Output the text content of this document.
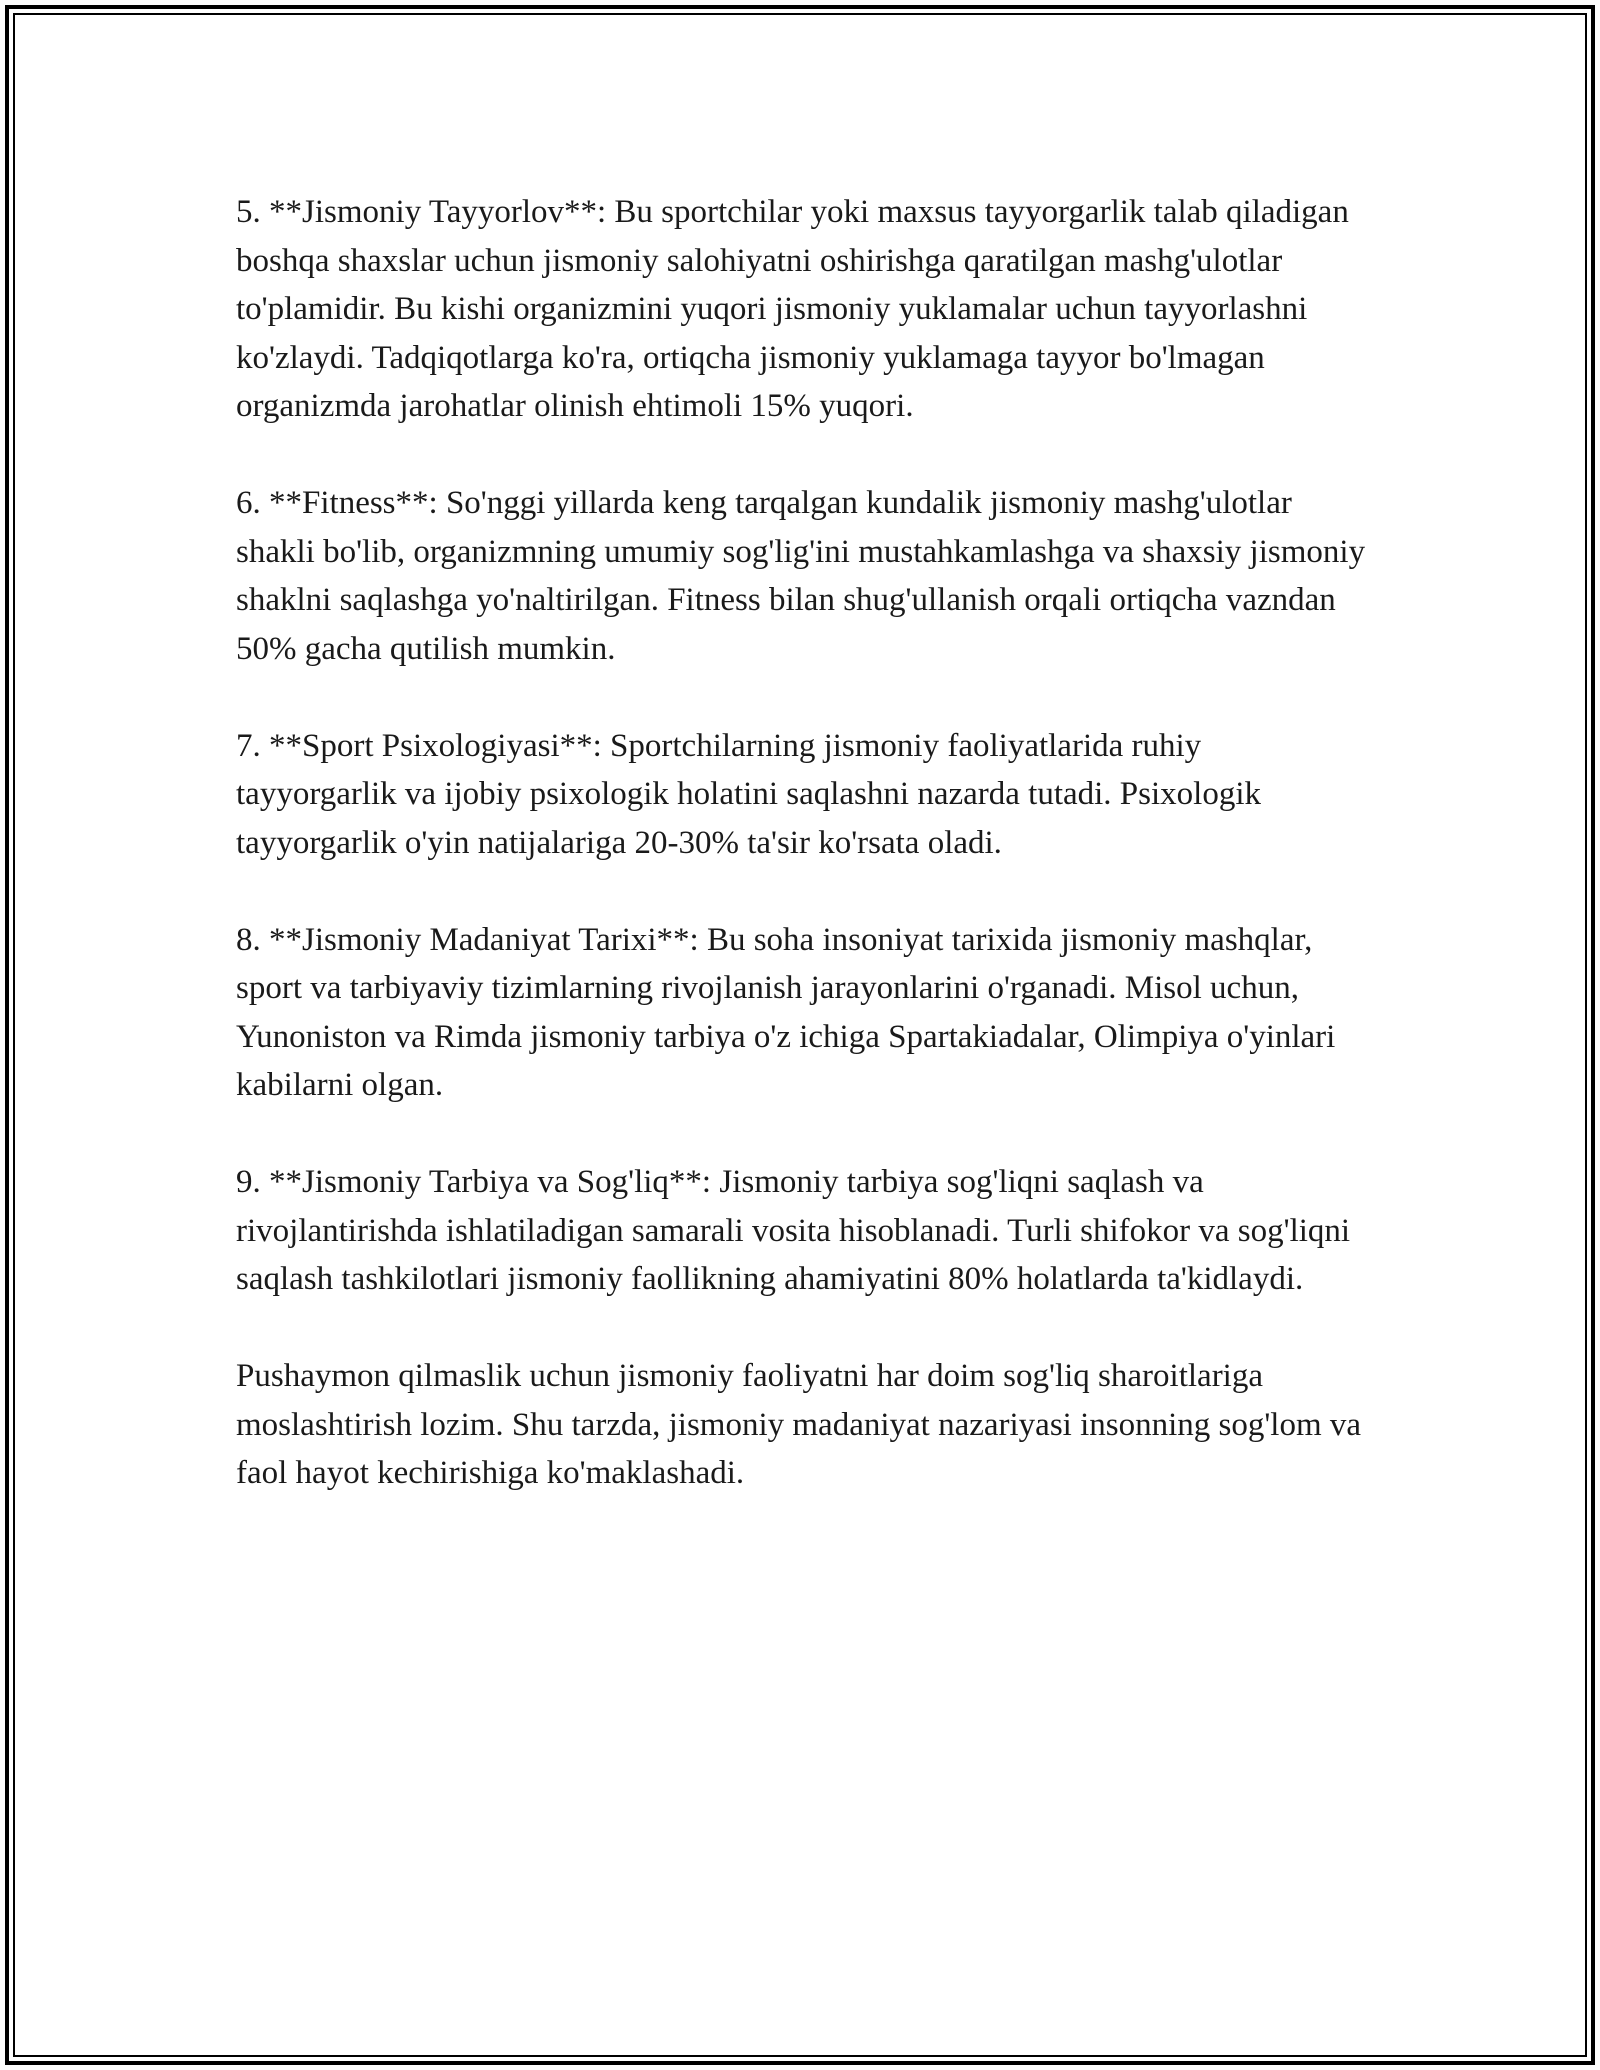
5. **Jismoniy Tayyorlov**: Bu sportchilar yoki maxsus tayyorgarlik talab qiladigan boshqa shaxslar uchun jismoniy salohiyatni oshirishga qaratilgan mashg'ulotlar to'plamidir. Bu kishi organizmini yuqori jismoniy yuklamalar uchun tayyorlashni ko'zlaydi. Tadqiqotlarga ko'ra, ortiqcha jismoniy yuklamaga tayyor bo'lmagan organizmda jarohatlar olinish ehtimoli 15% yuqori.

6. **Fitness**: So'nggi yillarda keng tarqalgan kundalik jismoniy mashg'ulotlar shakli bo'lib, organizmning umumiy sog'lig'ini mustahkamlashga va shaxsiy jismoniy shaklni saqlashga yo'naltirilgan. Fitness bilan shug'ullanish orqali ortiqcha vazndan 50% gacha qutilish mumkin.

7. **Sport Psixologiyasi**: Sportchilarning jismoniy faoliyatlarida ruhiy tayyorgarlik va ijobiy psixologik holatini saqlashni nazarda tutadi. Psixologik tayyorgarlik o'yin natijalariga 20-30% ta'sir ko'rsata oladi.

8. **Jismoniy Madaniyat Tarixi**: Bu soha insoniyat tarixida jismoniy mashqlar, sport va tarbiyaviy tizimlarning rivojlanish jarayonlarini o'rganadi. Misol uchun, Yunoniston va Rimda jismoniy tarbiya o'z ichiga Spartakiadalar, Olimpiya o'yinlari kabilarni olgan.

9. **Jismoniy Tarbiya va Sog'liq**: Jismoniy tarbiya sog'liqni saqlash va rivojlantirishda ishlatiladigan samarali vosita hisoblanadi. Turli shifokor va sog'liqni saqlash tashkilotlari jismoniy faollikning ahamiyatini 80% holatlarda ta'kidlaydi.

Pushaymon qilmaslik uchun jismoniy faoliyatni har doim sog'liq sharoitlariga moslashtirish lozim. Shu tarzda, jismoniy madaniyat nazariyasi insonning sog'lom va faol hayot kechirishiga ko'maklashadi.
